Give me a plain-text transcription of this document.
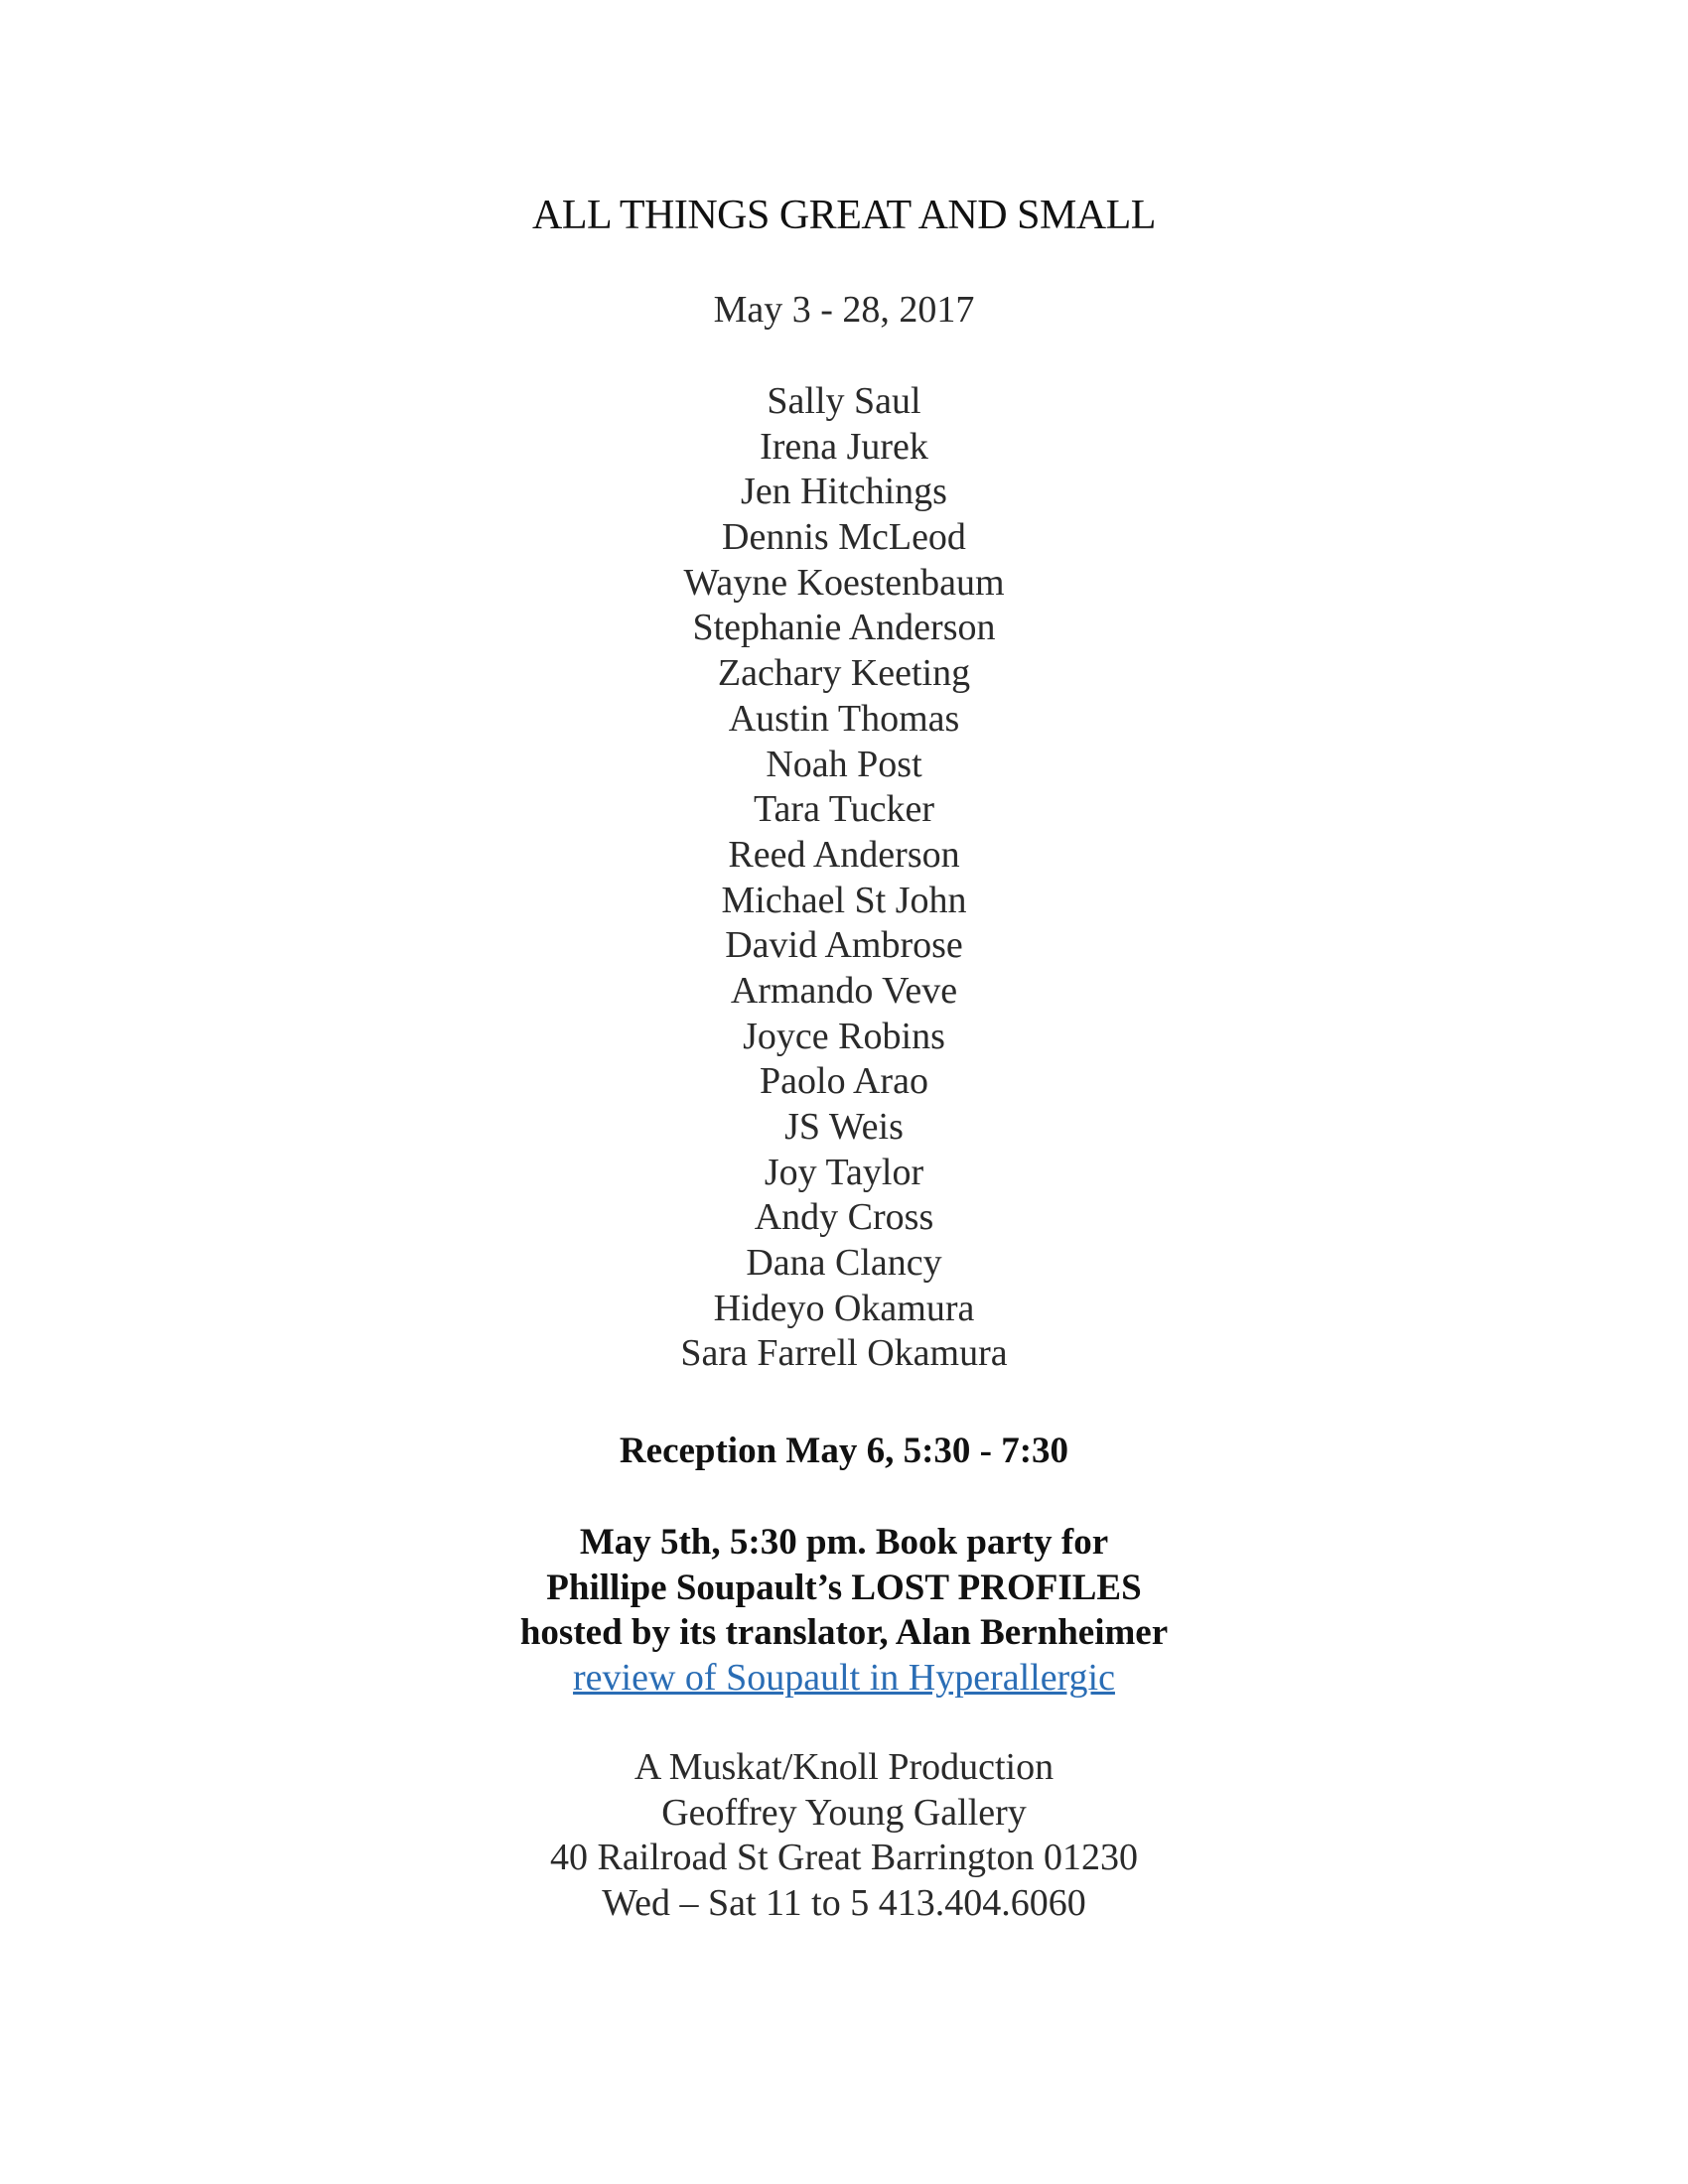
ALL THINGS GREAT AND SMALL
May 3 - 28, 2017
Sally Saul
Irena Jurek
Jen Hitchings
Dennis McLeod
Wayne Koestenbaum
Stephanie Anderson
Zachary Keeting
Austin Thomas
Noah Post
Tara Tucker
Reed Anderson
Michael St John
David Ambrose
Armando Veve
Joyce Robins
Paolo Arao
JS Weis
Joy Taylor
Andy Cross
Dana Clancy
Hideyo Okamura
Sara Farrell Okamura
Reception May 6, 5:30 - 7:30
May 5th, 5:30 pm. Book party for
Phillipe Soupault’s LOST PROFILES
hosted by its translator, Alan Bernheimer
review of Soupault in Hyperallergic
A Muskat/Knoll Production
Geoffrey Young Gallery
40 Railroad St Great Barrington 01230
Wed – Sat 11 to 5 413.404.6060
